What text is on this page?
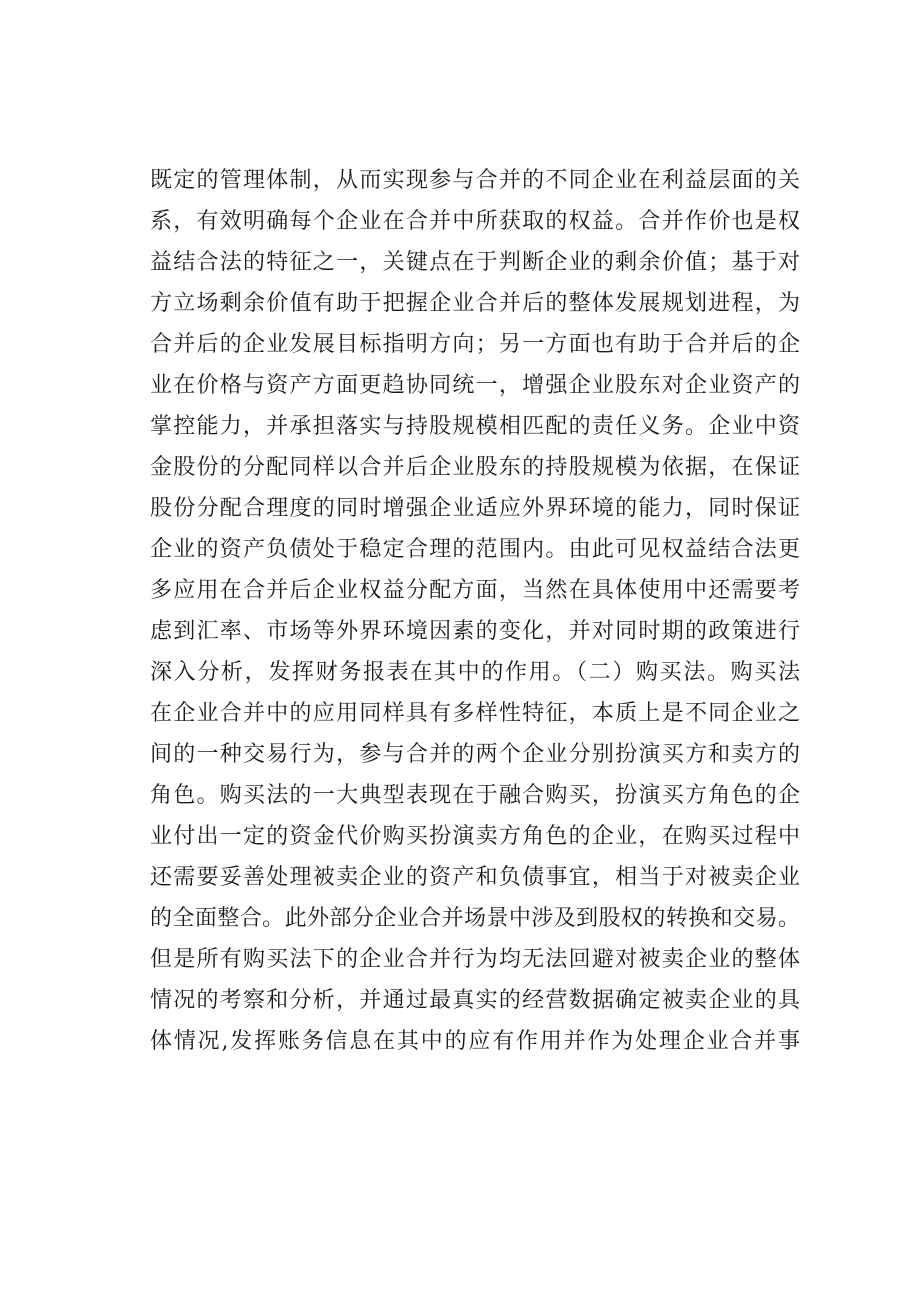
既定的管理体制，从而实现参与合并的不同企业在利益层面的关
系，有效明确每个企业在合并中所获取的权益。合并作价也是权
益结合法的特征之一，关键点在于判断企业的剩余价值；基于对
方立场剩余价值有助于把握企业合并后的整体发展规划进程，为
合并后的企业发展目标指明方向；另一方面也有助于合并后的企
业在价格与资产方面更趋协同统一，增强企业股东对企业资产的
掌控能力，并承担落实与持股规模相匹配的责任义务。企业中资
金股份的分配同样以合并后企业股东的持股规模为依据，在保证
股份分配合理度的同时增强企业适应外界环境的能力，同时保证
企业的资产负债处于稳定合理的范围内。由此可见权益结合法更
多应用在合并后企业权益分配方面，当然在具体使用中还需要考
虑到汇率、市场等外界环境因素的变化，并对同时期的政策进行
深入分析，发挥财务报表在其中的作用。（二）购买法。购买法
在企业合并中的应用同样具有多样性特征，本质上是不同企业之
间的一种交易行为，参与合并的两个企业分别扮演买方和卖方的
角色。购买法的一大典型表现在于融合购买，扮演买方角色的企
业付出一定的资金代价购买扮演卖方角色的企业，在购买过程中
还需要妥善处理被卖企业的资产和负债事宜，相当于对被卖企业
的全面整合。此外部分企业合并场景中涉及到股权的转换和交易。
但是所有购买法下的企业合并行为均无法回避对被卖企业的整体
情况的考察和分析，并通过最真实的经营数据确定被卖企业的具
体情况,发挥账务信息在其中的应有作用并作为处理企业合并事
